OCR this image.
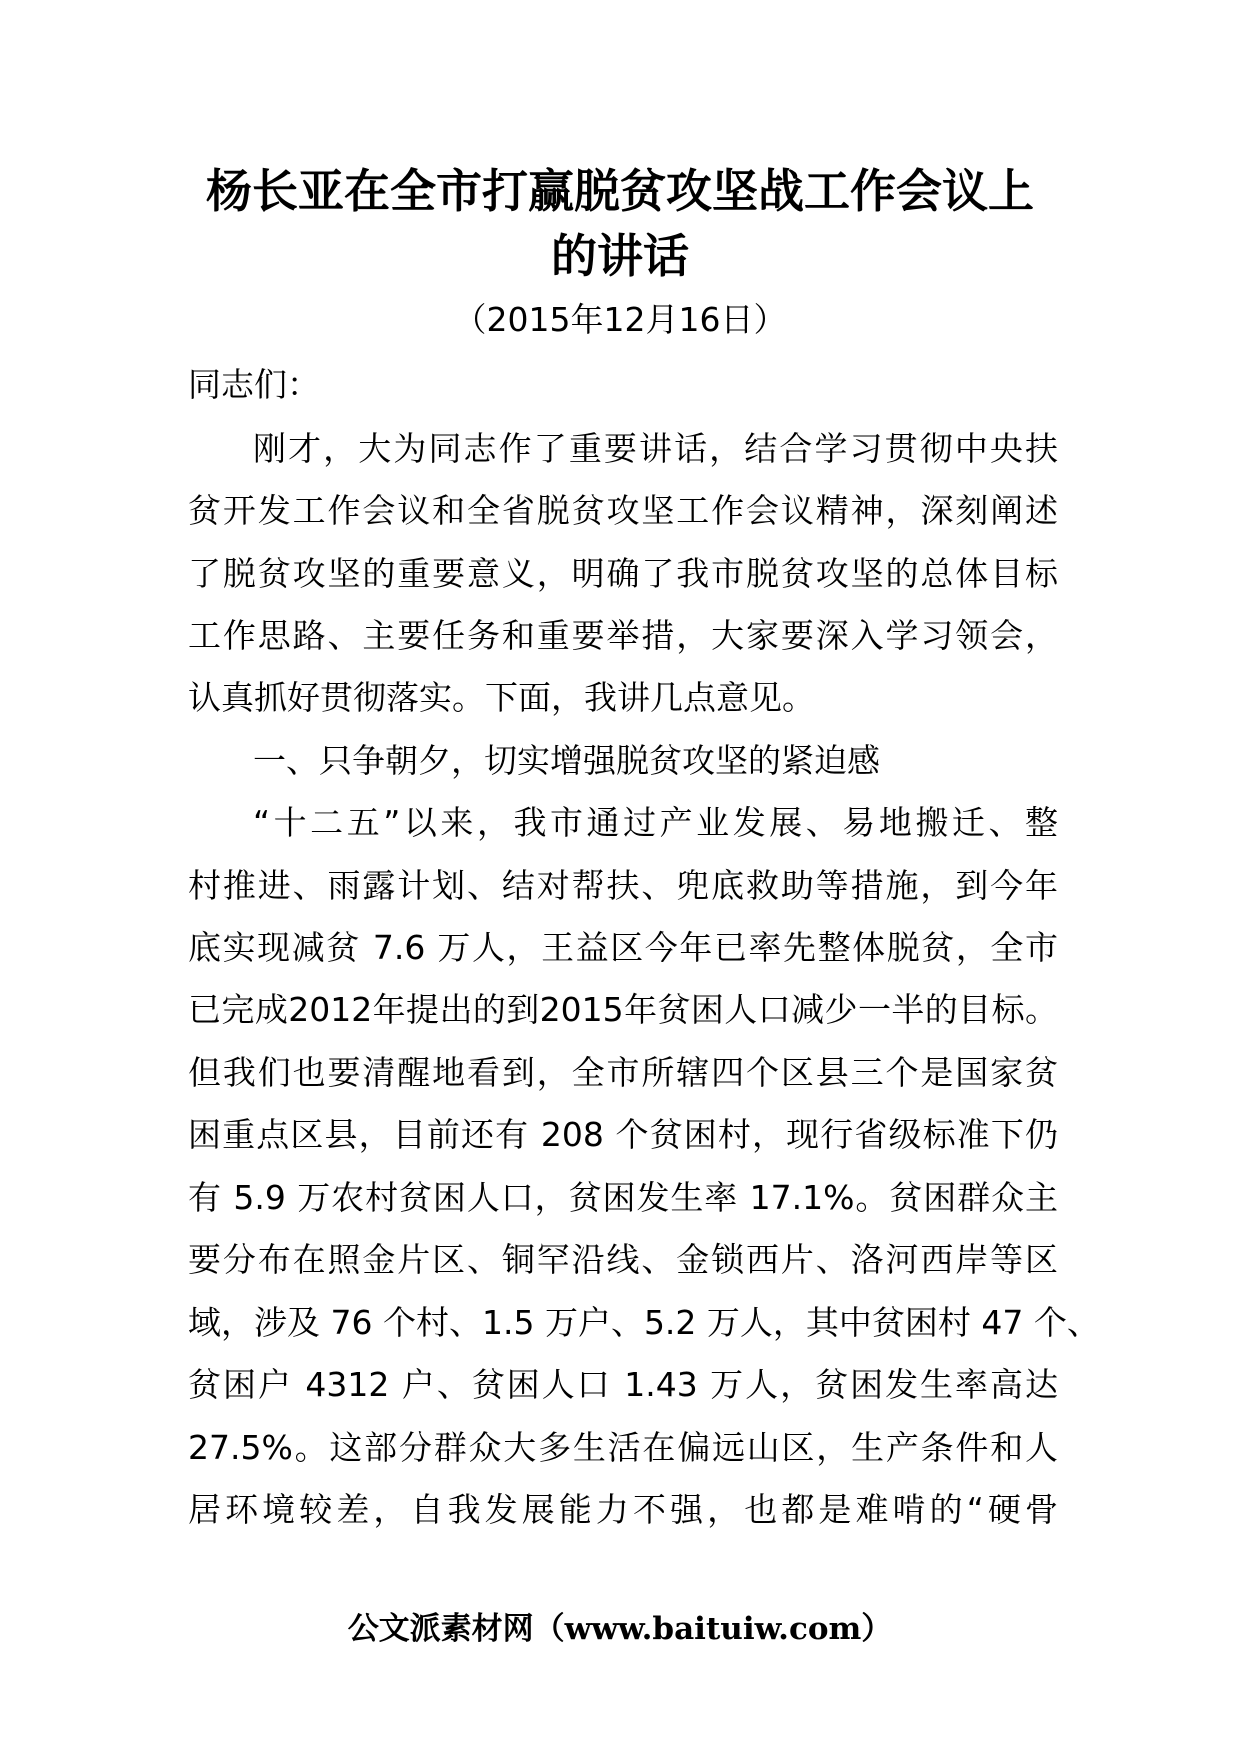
杨长亚在全市打赢脱贫攻坚战工作会议上
的讲话
（2015年12月16日）
同志们：
刚才，大为同志作了重要讲话，结合学习贯彻中央扶
贫开发工作会议和全省脱贫攻坚工作会议精神，深刻阐述
了脱贫攻坚的重要意义，明确了我市脱贫攻坚的总体目标
工作思路、主要任务和重要举措，大家要深入学习领会，
认真抓好贯彻落实。下面，我讲几点意见。
一、只争朝夕，切实增强脱贫攻坚的紧迫感
“十二五”以来，我市通过产业发展、易地搬迁、整
村推进、雨露计划、结对帮扶、兜底救助等措施，到今年
底实现减贫 7.6 万人，王益区今年已率先整体脱贫，全市
已完成2012年提出的到2015年贫困人口减少一半的目标。
但我们也要清醒地看到，全市所辖四个区县三个是国家贫
困重点区县，目前还有 208 个贫困村，现行省级标准下仍
有 5.9 万农村贫困人口，贫困发生率 17.1%。贫困群众主
要分布在照金片区、铜罕沿线、金锁西片、洛河西岸等区
域，涉及 76 个村、1.5 万户、5.2 万人，其中贫困村 47 个、
贫困户 4312 户、贫困人口 1.43 万人，贫困发生率高达
27.5%。这部分群众大多生活在偏远山区，生产条件和人
居环境较差，自我发展能力不强，也都是难啃的“硬骨
公文派素材网（www.baituiw.com）
